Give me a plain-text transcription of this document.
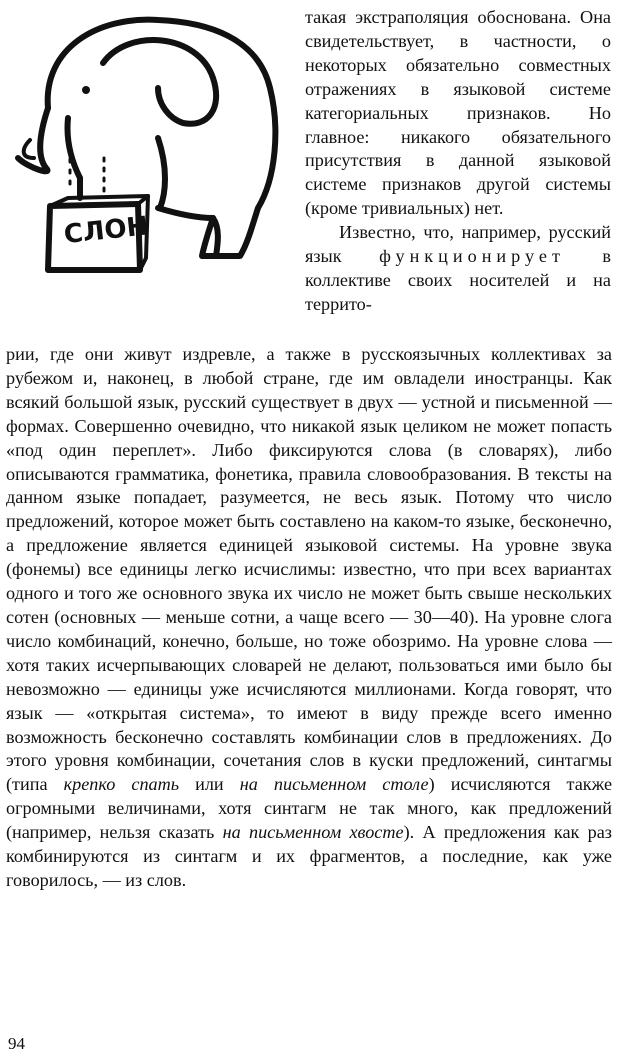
СЛОН

такая экстраполяция обоснована. Она свидетельствует, в частности, о некоторых обязательно совместных отражениях в языковой системе категориальных признаков. Но главное: никакого обязательного присутствия в данной языковой системе признаков другой системы (кроме тривиальных) нет.

Известно, что, например, русский язык функционирует в коллективе своих носителей и на террито-

рии, где они живут издревле, а также в русскоязычных коллективах за рубежом и, наконец, в любой стране, где им овладели иностранцы. Как всякий большой язык, русский существует в двух — устной и письменной — формах. Совершенно очевидно, что никакой язык целиком не может попасть «под один переплет». Либо фиксируются слова (в словарях), либо описываются грамматика, фонетика, правила словообразования. В тексты на данном языке попадает, разумеется, не весь язык. Потому что число предложений, которое может быть составлено на каком-то языке, бесконечно, а предложение является единицей языковой системы. На уровне звука (фонемы) все единицы легко исчислимы: известно, что при всех вариантах одного и того же основного звука их число не может быть свыше нескольких сотен (основных — меньше сотни, а чаще всего — 30—40). На уровне слога число комбинаций, конечно, больше, но тоже обозримо. На уровне слова — хотя таких исчерпывающих словарей не делают, пользоваться ими было бы невозможно — единицы уже исчисляются миллионами. Когда говорят, что язык — «открытая система», то имеют в виду прежде всего именно возможность бесконечно составлять комбинации слов в предложениях. До этого уровня комбинации, сочетания слов в куски предложений, синтагмы (типа крепко спать или на письменном столе) исчисляются также огромными величинами, хотя синтагм не так много, как предложений (например, нельзя сказать на письменном хвосте). А предложения как раз комбинируются из синтагм и их фрагментов, а последние, как уже говорилось, — из слов.

94
